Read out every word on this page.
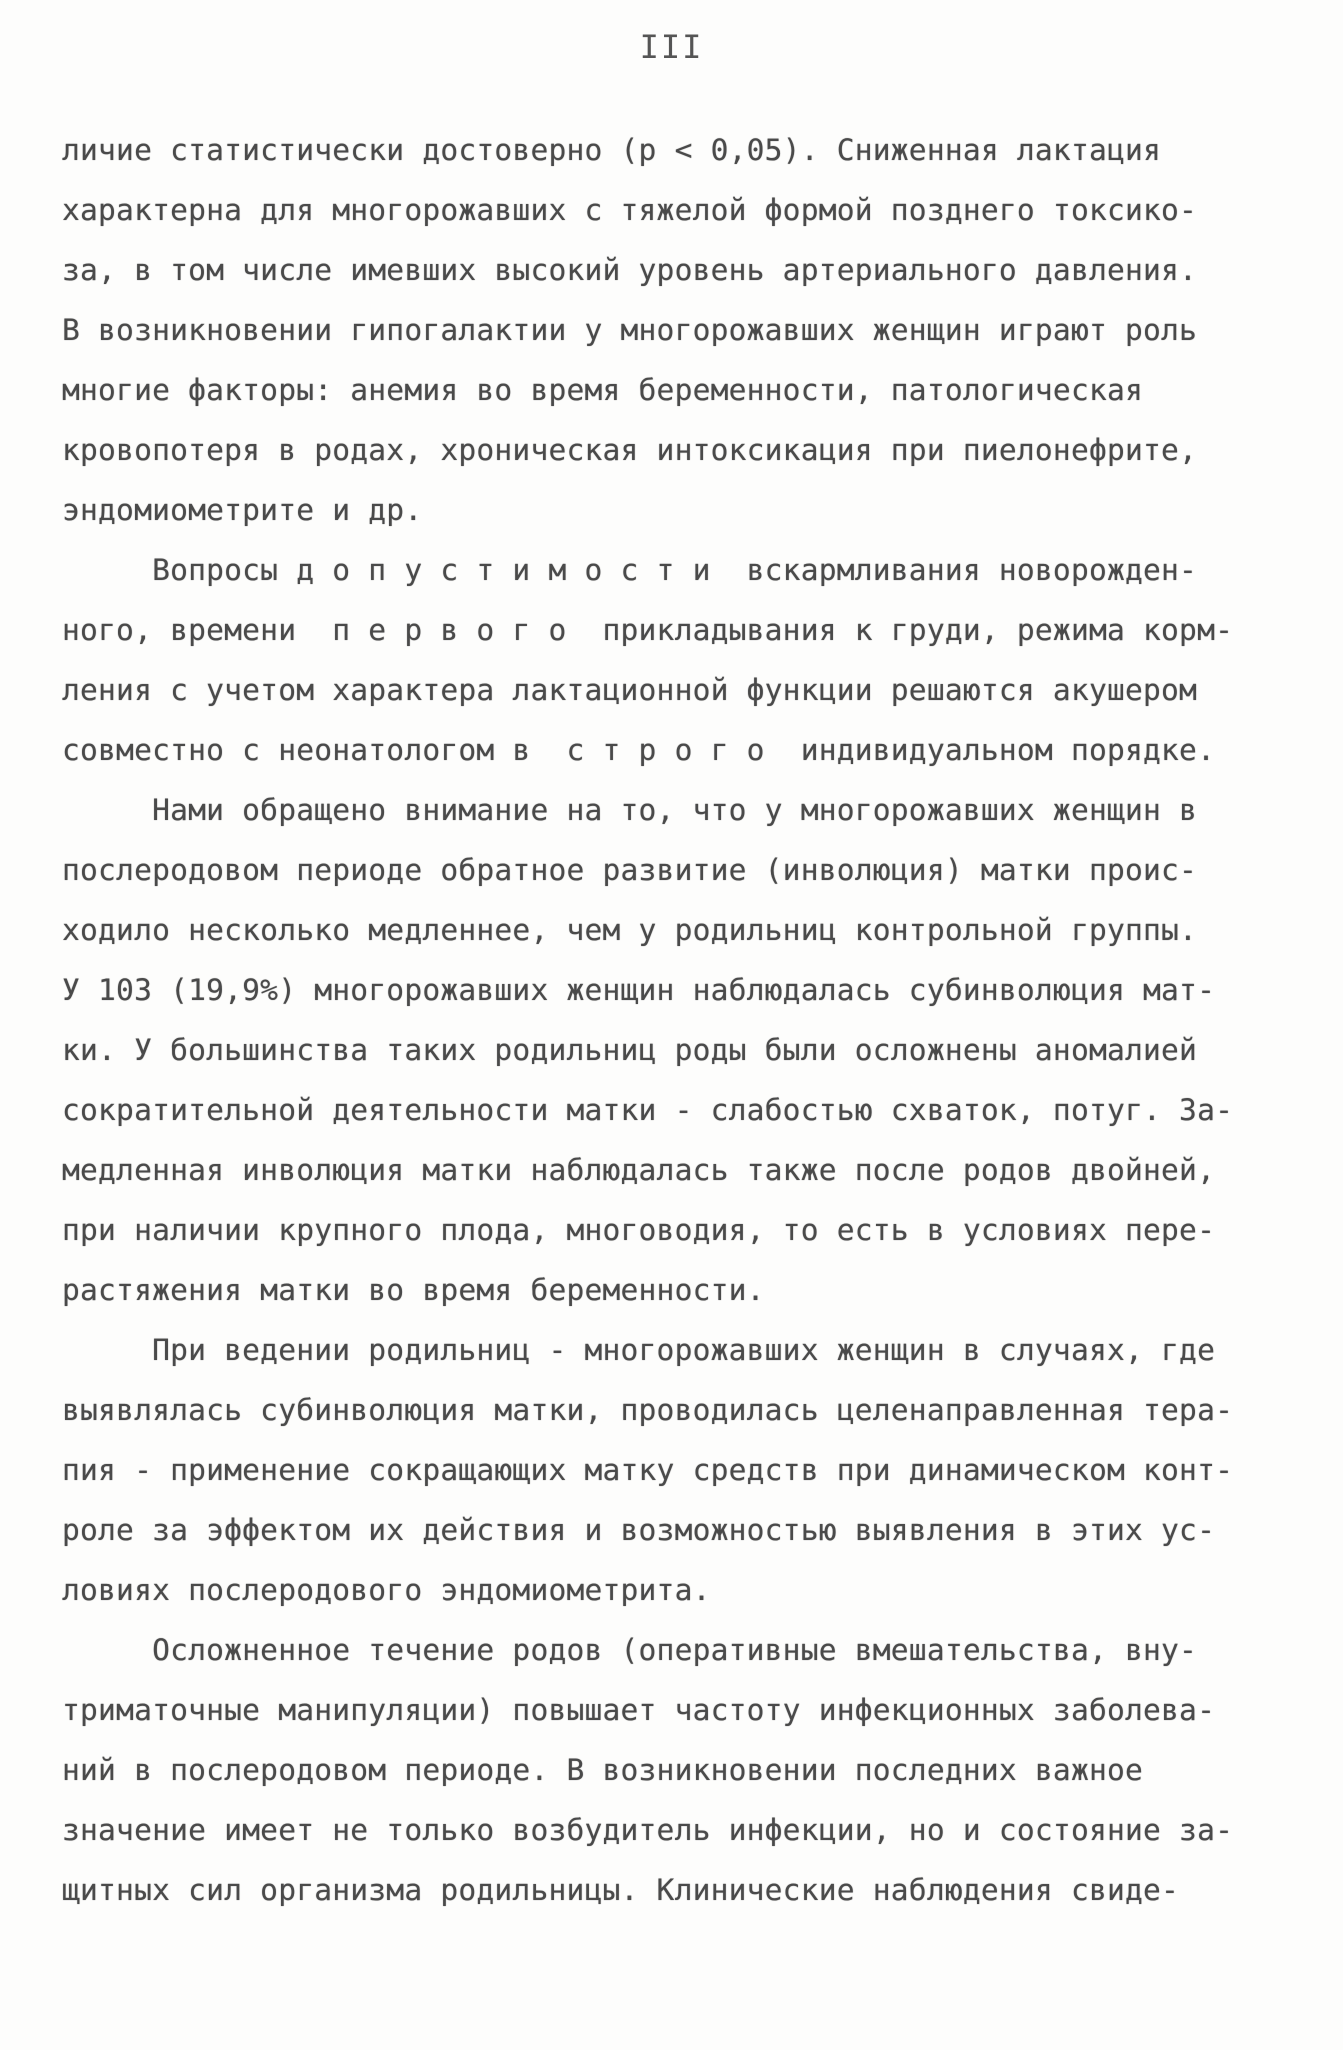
III
личие статистически достоверно (р < 0,05). Сниженная лактация
характерна для многорожавших с тяжелой формой позднего токсико-
за, в том числе имевших высокий уровень артериального давления.
В возникновении гипогалактии у многорожавших женщин играют роль
многие факторы: анемия во время беременности, патологическая
кровопотеря в родах, хроническая интоксикация при пиелонефрите,
эндомиометрите и др.
Вопросы д о п у с т и м о с т и  вскармливания новорожден-
ного, времени  п е р в о г о  прикладывания к груди, режима корм-
ления с учетом характера лактационной функции решаются акушером
совместно с неонатологом в  с т р о г о  индивидуальном порядке.
Нами обращено внимание на то, что у многорожавших женщин в
послеродовом периоде обратное развитие (инволюция) матки проис-
ходило несколько медленнее, чем у родильниц контрольной группы.
У 103 (19,9%) многорожавших женщин наблюдалась субинволюция мат-
ки. У большинства таких родильниц роды были осложнены аномалией
сократительной деятельности матки - слабостью схваток, потуг. За-
медленная инволюция матки наблюдалась также после родов двойней,
при наличии крупного плода, многоводия, то есть в условиях пере-
растяжения матки во время беременности.
При ведении родильниц - многорожавших женщин в случаях, где
выявлялась субинволюция матки, проводилась целенаправленная тера-
пия - применение сокращающих матку средств при динамическом конт-
роле за эффектом их действия и возможностью выявления в этих ус-
ловиях послеродового эндомиометрита.
Осложненное течение родов (оперативные вмешательства, вну-
триматочные манипуляции) повышает частоту инфекционных заболева-
ний в послеродовом периоде. В возникновении последних важное
значение имеет не только возбудитель инфекции, но и состояние за-
щитных сил организма родильницы. Клинические наблюдения свиде-
